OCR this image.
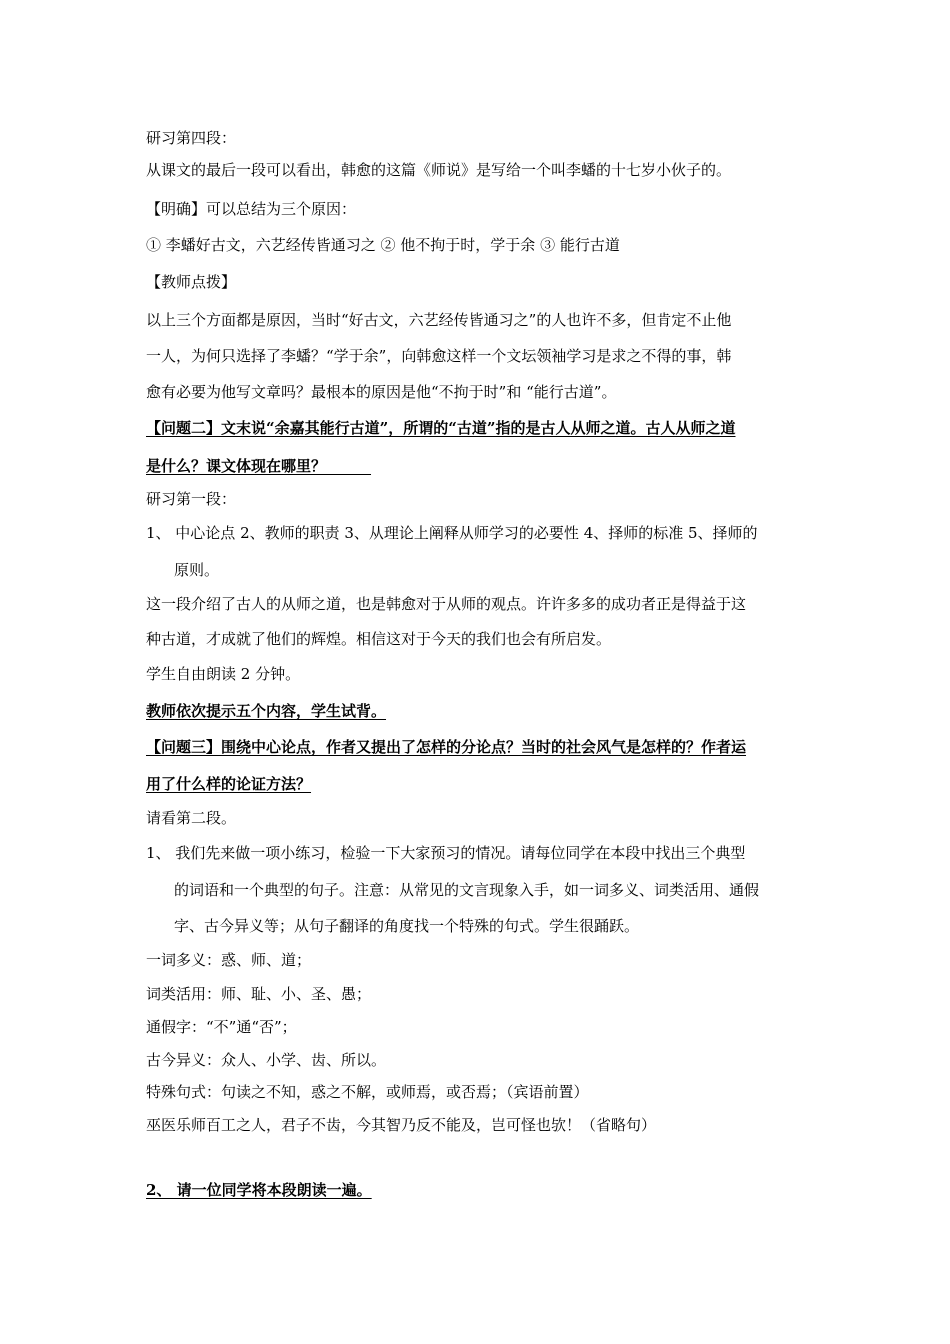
研习第四段：
从课文的最后一段可以看出，韩愈的这篇《师说》是写给一个叫李蟠的十七岁小伙子的。
【明确】可以总结为三个原因：
① 李蟠好古文，六艺经传皆通习之 ② 他不拘于时，学于余 ③ 能行古道
【教师点拨】
以上三个方面都是原因，当时“好古文，六艺经传皆通习之”的人也许不多，但肯定不止他
一人，为何只选择了李蟠？“学于余”，向韩愈这样一个文坛领袖学习是求之不得的事，韩
愈有必要为他写文章吗？最根本的原因是他“不拘于时”和 “能行古道”。
【问题二】文末说“余嘉其能行古道”，所谓的“古道”指的是古人从师之道。古人从师之道
是什么？课文体现在哪里？　　　
研习第一段：
1、 中心论点 2、教师的职责 3、从理论上阐释从师学习的必要性 4、择师的标准 5、择师的
原则。
这一段介绍了古人的从师之道，也是韩愈对于从师的观点。许许多多的成功者正是得益于这
种古道，才成就了他们的辉煌。相信这对于今天的我们也会有所启发。
学生自由朗读 2 分钟。
教师依次提示五个内容，学生试背。
【问题三】围绕中心论点，作者又提出了怎样的分论点？当时的社会风气是怎样的？作者运
用了什么样的论证方法？
请看第二段。
1、 我们先来做一项小练习，检验一下大家预习的情况。请每位同学在本段中找出三个典型
的词语和一个典型的句子。注意：从常见的文言现象入手，如一词多义、词类活用、通假
字、古今异义等；从句子翻译的角度找一个特殊的句式。学生很踊跃。
一词多义：惑、师、道；
词类活用：师、耻、小、圣、愚；
通假字：“不”通“否”；
古今异义：众人、小学、齿、所以。
特殊句式：句读之不知，惑之不解，或师焉，或否焉；（宾语前置）
巫医乐师百工之人，君子不齿，今其智乃反不能及，岂可怪也欤！（省略句）
2、 请一位同学将本段朗读一遍。
